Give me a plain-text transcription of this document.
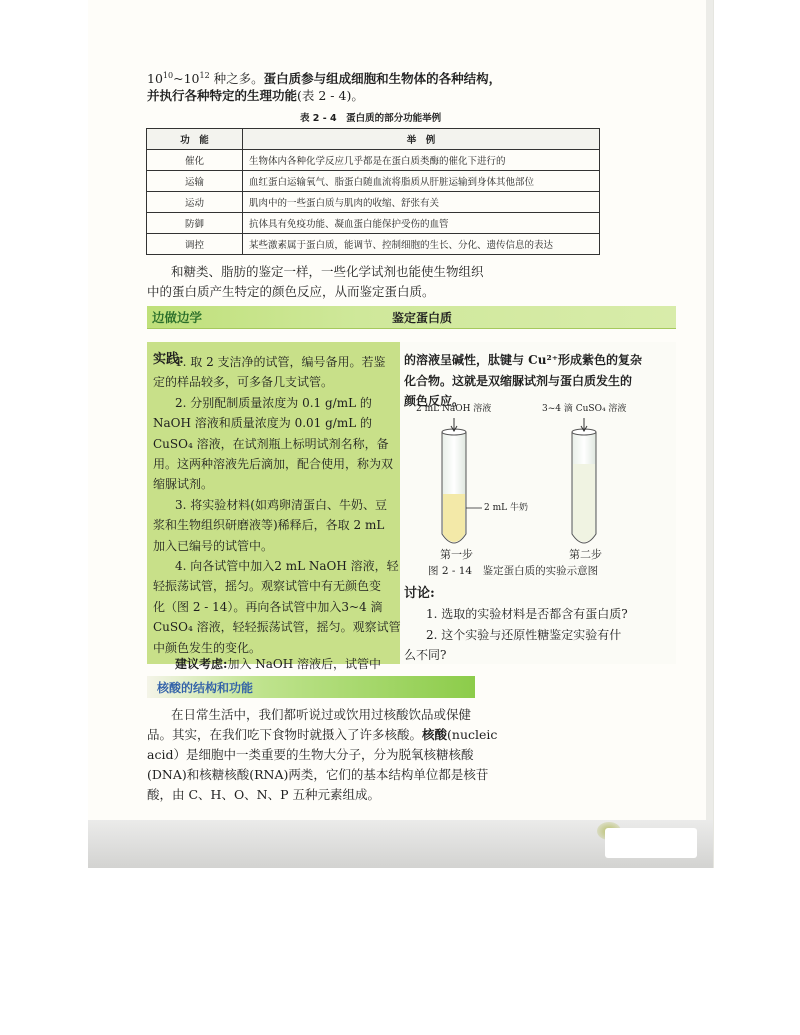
$10^{10}\sim 10^{12}$ 种之多。蛋白质参与组成细胞和生物体的各种结构，
并执行各种特定的生理功能(表 2 - 4)。
表 2 - 4　蛋白质的部分功能举例
功　能	举　例
催化	生物体内各种化学反应几乎都是在蛋白质类酶的催化下进行的
运输	血红蛋白运输氧气、脂蛋白随血流将脂质从肝脏运输到身体其他部位
运动	肌肉中的一些蛋白质与肌肉的收缩、舒张有关
防御	抗体具有免疫功能、凝血蛋白能保护受伤的血管
调控	某些激素属于蛋白质，能调节、控制细胞的生长、分化、遗传信息的表达
和糖类、脂肪的鉴定一样，一些化学试剂也能使生物组织
中的蛋白质产生特定的颜色反应，从而鉴定蛋白质。
边做边学	鉴定蛋白质
实践:
1. 取 2 支洁净的试管，编号备用。若鉴
定的样品较多，可多备几支试管。
2. 分别配制质量浓度为 0.1 g/mL 的
NaOH 溶液和质量浓度为 0.01 g/mL 的
CuSO₄ 溶液，在试剂瓶上标明试剂名称，备
用。这两种溶液先后滴加，配合使用，称为双
缩脲试剂。
3. 将实验材料(如鸡卵清蛋白、牛奶、豆
浆和生物组织研磨液等)稀释后，各取 2 mL
加入已编号的试管中。
4. 向各试管中加入2 mL NaOH 溶液，轻
轻振荡试管，摇匀。观察试管中有无颜色变
化（图 2 - 14）。再向各试管中加入3~4 滴
CuSO₄ 溶液，轻轻振荡试管，摇匀。观察试管
中颜色发生的变化。
的溶液呈碱性，肽键与 Cu²⁺形成紫色的复杂
化合物。这就是双缩脲试剂与蛋白质发生的
颜色反应。
2 mL NaOH 溶液	3~4 滴 CuSO₄ 溶液
2 mL 牛奶
第一步	第二步
图 2 - 14　鉴定蛋白质的实验示意图
讨论:
1. 选取的实验材料是否都含有蛋白质?
2. 这个实验与还原性糖鉴定实验有什
么不同?
核酸的结构和功能
在日常生活中，我们都听说过或饮用过核酸饮品或保健
品。其实，在我们吃下食物时就摄入了许多核酸。核酸(nucleic
acid）是细胞中一类重要的生物大分子，分为脱氧核糖核酸
(DNA)和核糖核酸(RNA)两类，它们的基本结构单位都是核苷
酸，由 C、H、O、N、P 五种元素组成。
建议考虑:加入 NaOH 溶液后，试管中
